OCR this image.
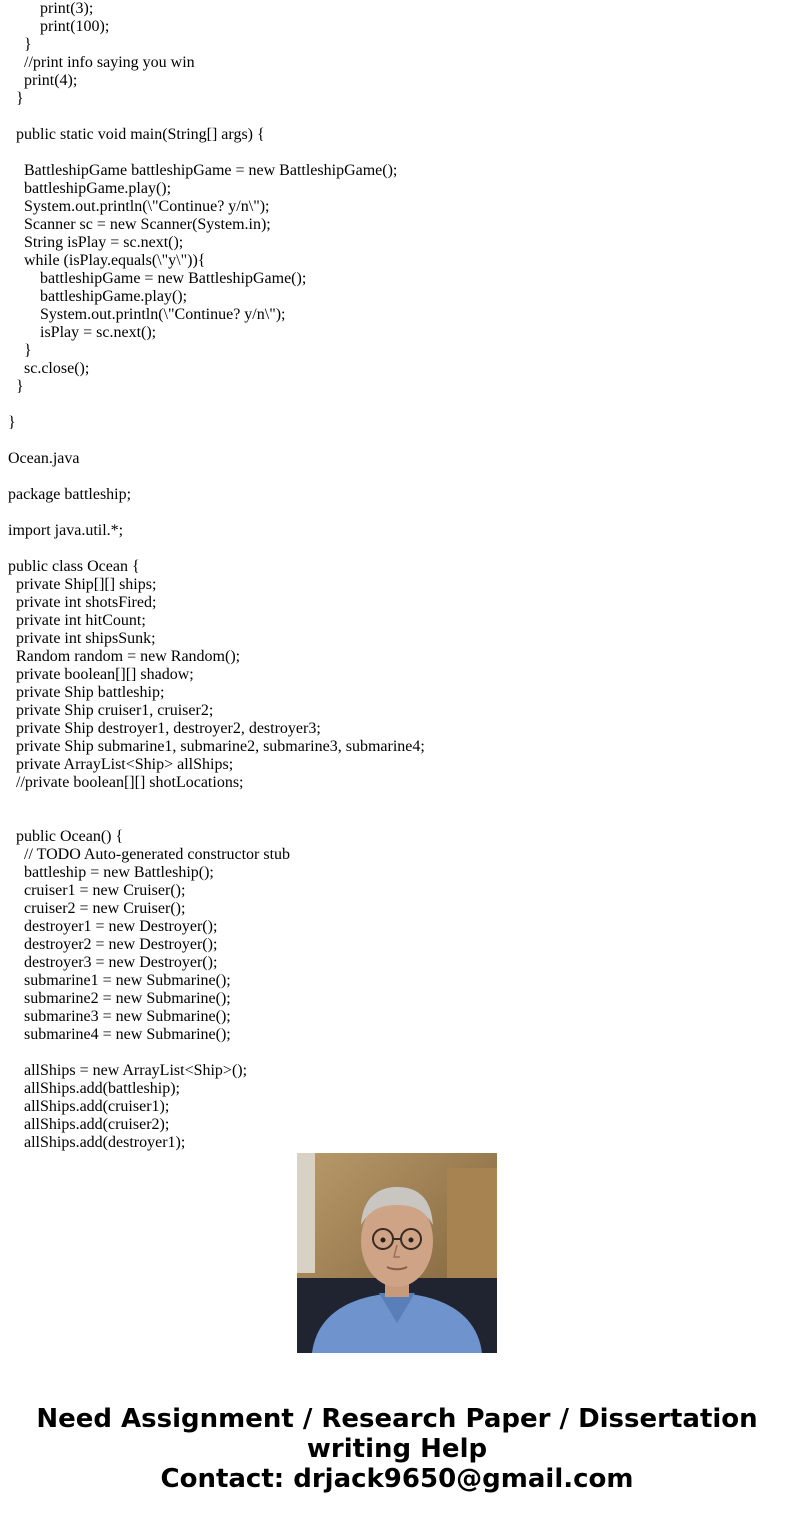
print(3);
print(100);
}
//print info saying you win
print(4);
}
public static void main(String[] args) {
BattleshipGame battleshipGame = new BattleshipGame();
battleshipGame.play();
System.out.println(\"Continue? y/n\");
Scanner sc = new Scanner(System.in);
String isPlay = sc.next();
while (isPlay.equals(\"y\")){
battleshipGame = new BattleshipGame();
battleshipGame.play();
System.out.println(\"Continue? y/n\");
isPlay = sc.next();
}
sc.close();
}
}
Ocean.java
package battleship;
import java.util.*;
public class Ocean {
private Ship[][] ships;
private int shotsFired;
private int hitCount;
private int shipsSunk;
Random random = new Random();
private boolean[][] shadow;
private Ship battleship;
private Ship cruiser1, cruiser2;
private Ship destroyer1, destroyer2, destroyer3;
private Ship submarine1, submarine2, submarine3, submarine4;
private ArrayList<Ship> allShips;
//private boolean[][] shotLocations;
public Ocean() {
// TODO Auto-generated constructor stub
battleship = new Battleship();
cruiser1 = new Cruiser();
cruiser2 = new Cruiser();
destroyer1 = new Destroyer();
destroyer2 = new Destroyer();
destroyer3 = new Destroyer();
submarine1 = new Submarine();
submarine2 = new Submarine();
submarine3 = new Submarine();
submarine4 = new Submarine();
allShips = new ArrayList<Ship>();
allShips.add(battleship);
allShips.add(cruiser1);
allShips.add(cruiser2);
allShips.add(destroyer1);
Need Assignment / Research Paper / Dissertation
writing Help
Contact: drjack9650@gmail.com
